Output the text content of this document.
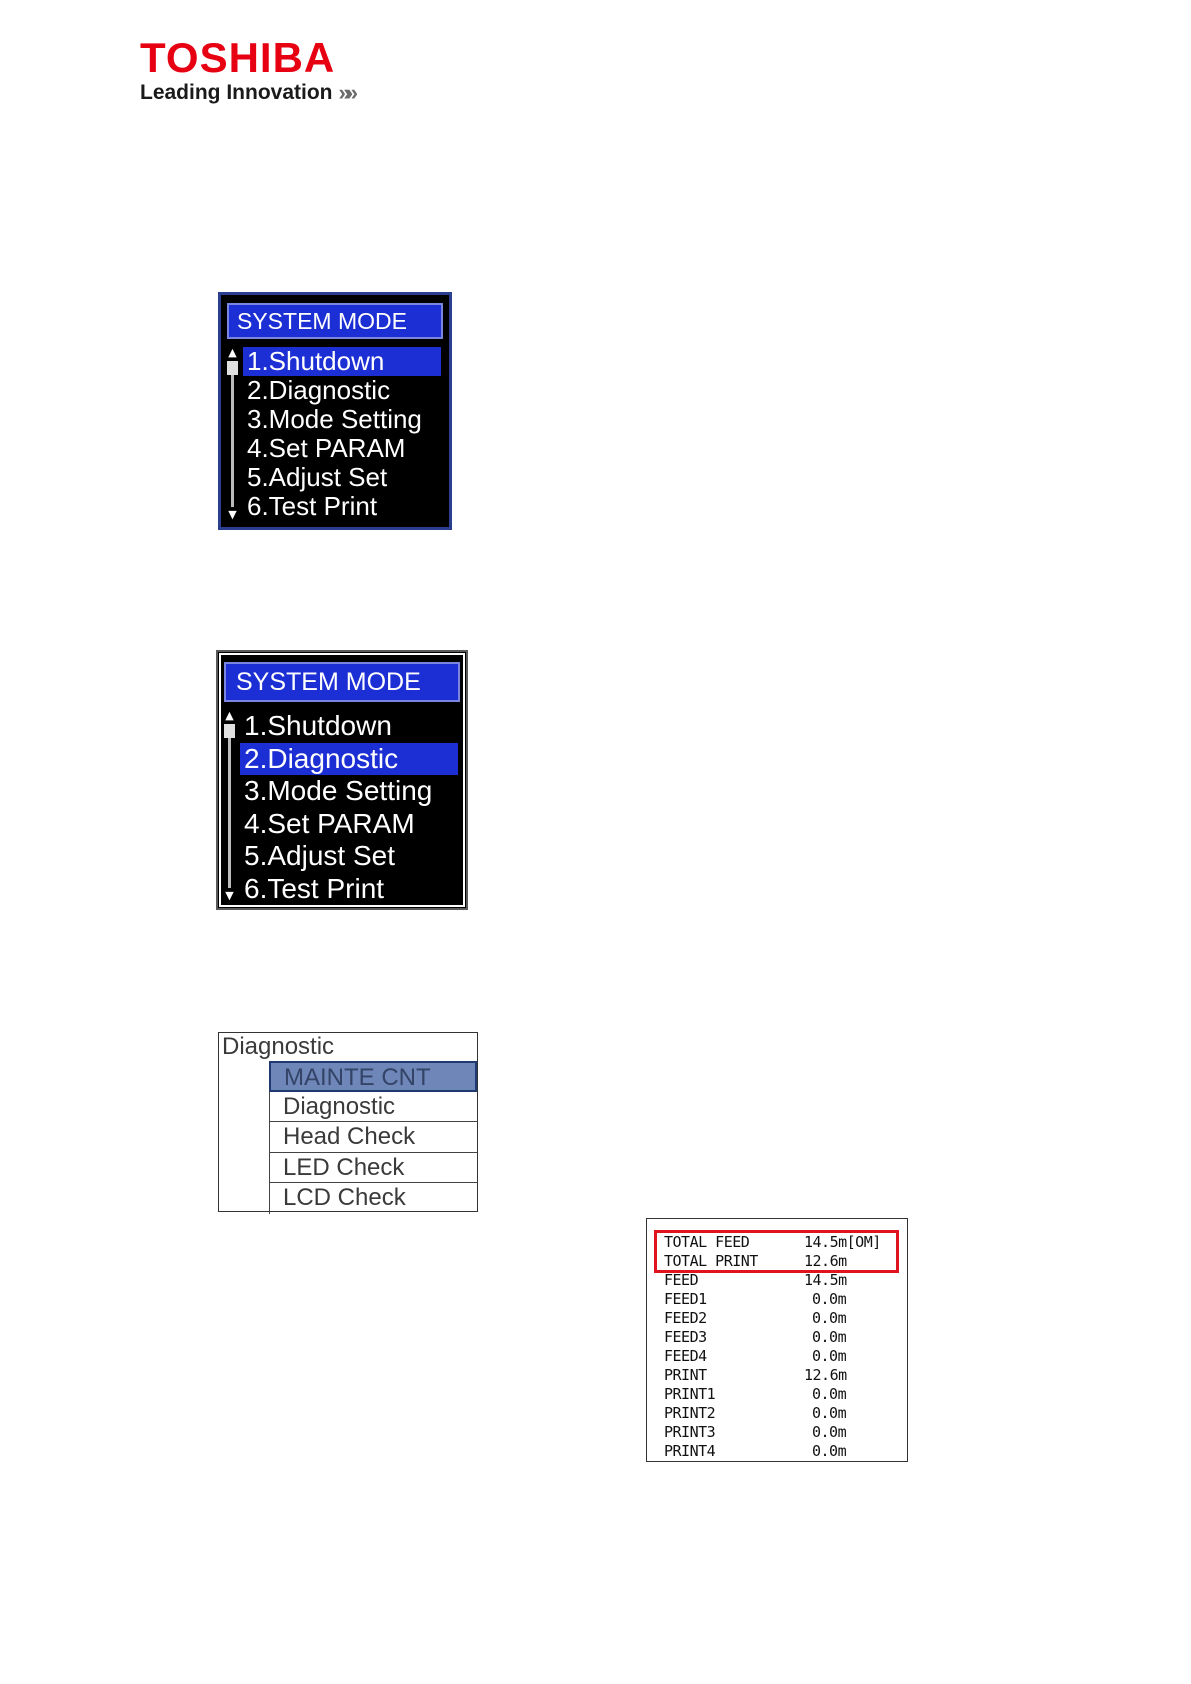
TOSHIBA
Leading Innovation »»
SYSTEM MODE
▲
▼
1.Shutdown
2.Diagnostic
3.Mode Setting
4.Set PARAM
5.Adjust Set
6.Test Print
SYSTEM MODE
▲
▼
1.Shutdown
2.Diagnostic
3.Mode Setting
4.Set PARAM
5.Adjust Set
6.Test Print
Diagnostic
MAINTE CNT
Diagnostic
Head Check
LED Check
LCD Check
TOTAL FEED	14.5m[OM]
TOTAL PRINT	12.6m
FEED	14.5m
FEED1	0.0m
FEED2	0.0m
FEED3	0.0m
FEED4	0.0m
PRINT	12.6m
PRINT1	0.0m
PRINT2	0.0m
PRINT3	0.0m
PRINT4	0.0m
